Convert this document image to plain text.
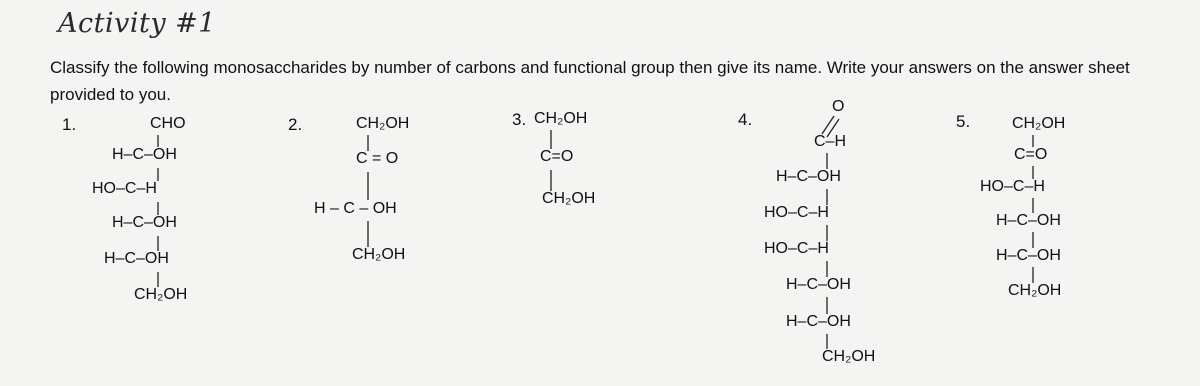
Activity #1
Classify the following monosaccharides by number of carbons and functional group then give its name. Write your answers on the answer sheet provided to you.
1.	CHO
H–C–OH
HO–C–H
H–C–OH
H–C–OH
CH₂OH
2.	CH₂OH
C = O
H – C – OH
CH₂OH
3. CH₂OH
C=O
CH₂OH
4.
O
C–H
H–C–OH
HO–C–H
HO–C–H
H–C–OH
H–C–OH
CH₂OH
5.	CH₂OH
C=O
HO–C–H
H–C–OH
H–C–OH
CH₂OH
